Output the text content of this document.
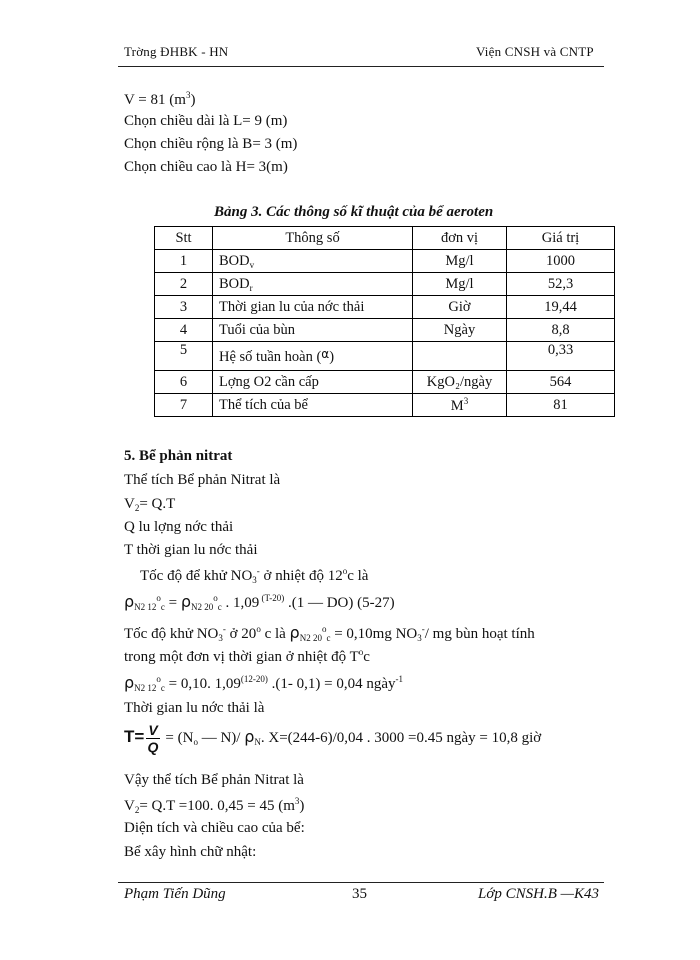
Trờng ĐHBK - HN	Viện CNSH và CNTP
V = 81 $(m^3)$
Chọn chiều dài là L= 9 (m)
Chọn chiều rộng là B= 3 (m)
Chọn chiều cao là H= 3(m)
Bảng 3. Các thông số kĩ thuật của bể aeroten
Stt	Thông số	đơn vị	Giá trị
1	$BOD_v$	Mg/l	1000
2	$BOD_r$	Mg/l	52,3
3	Thời gian lu của nớc thải	Giờ	19,44
4	Tuổi của bùn	Ngày	8,8
5	Hệ số tuần hoàn ($^\alpha$)		0,33
6	Lợng O2 cần cấp	KgO₂/ngày	564
7	Thể tích của bể	$M^3$	81
5. Bể phản nitrat
Thể tích Bể phản Nitrat là
$V_2= Q.T$
Q lu lợng nớc thải
T thời gian lu nớc thải
Tốc độ để khử $NO_3^-$ ở nhiệt độ 12$^o$c là
$\rho_{N2 12}^o_c = \rho_{N2 20}^o_c$ . 1,09 $^{(T-20)}$ .(1 — DO) (5-27)
Tốc độ khử $NO_3^-$ ở 20$^o$ c là $\rho_{N2 20}^o_c = 0,10mg$ $NO_3^-/$ mg bùn hoạt tính
trong một đơn vị thời gian ở nhiệt độ $T^oc$
$\rho_{N2 12}^o_c = 0,10$. 1,09$^{(12-20)}$ .(1- 0,1) = 0,04 ngày$^{-1}$
Thời gian lu nớc thải là
$T= \frac{V}{Q} = (N_o$ — N)/ $\rho_N$. X=(244-6)/0,04 . 3000 =0.45 ngày = 10,8 giờ
Vậy thể tích Bể phản Nitrat là
$V_2= Q.T =100$. 0,45 = 45 $(m^3)$
Diện tích và chiều cao của bể:
Bể xây hình chữ nhật:
Phạm Tiến Dũng	35	Lớp CNSH.B —K43
